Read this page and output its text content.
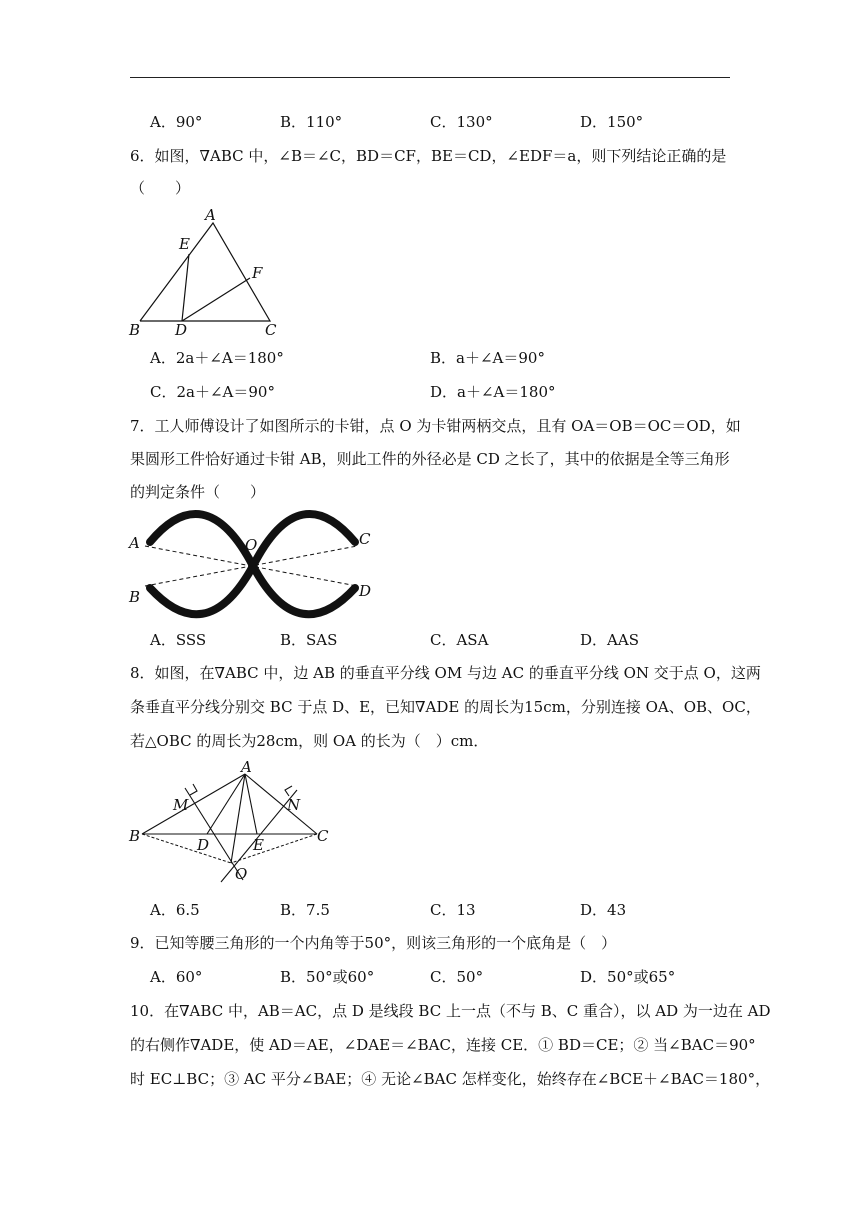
A．90°	B．110°	C．130°	D．150°
6．如图，∇ABC 中，∠B＝∠C，BD＝CF，BE＝CD，∠EDF＝a，则下列结论正确的是
（　　）
A
E
F
B D	C
A．2a＋∠A＝180°	B．a＋∠A＝90°
C．2a＋∠A＝90°	D．a＋∠A＝180°
7．工人师傅设计了如图所示的卡钳，点 O 为卡钳两柄交点，且有 OA＝OB＝OC＝OD，如
果圆形工件恰好通过卡钳 AB，则此工件的外径必是 CD 之长了，其中的依据是全等三角形
的判定条件（　　）
A	O	C
B	D
A．SSS	B．SAS	C．ASA	D．AAS
8．如图，在∇ABC 中，边 AB 的垂直平分线 OM 与边 AC 的垂直平分线 ON 交于点 O，这两
条垂直平分线分别交 BC 于点 D、E，已知∇ADE 的周长为15cm，分别连接 OA、OB、OC，
若△OBC 的周长为28cm，则 OA 的长为（　）cm．
A
M	N
B	C
D	E
O
A．6.5	B．7.5	C．13	D．43
9．已知等腰三角形的一个内角等于50°，则该三角形的一个底角是（　）
A．60°	B．50°或60°	C．50°	D．50°或65°
10．在∇ABC 中，AB＝AC，点 D 是线段 BC 上一点（不与 B、C 重合），以 AD 为一边在 AD
的右侧作∇ADE，使 AD＝AE，∠DAE＝∠BAC，连接 CE．① BD＝CE；② 当∠BAC＝90°
时 EC⊥BC；③ AC 平分∠BAE；④ 无论∠BAC 怎样变化，始终存在∠BCE＋∠BAC＝180°，
